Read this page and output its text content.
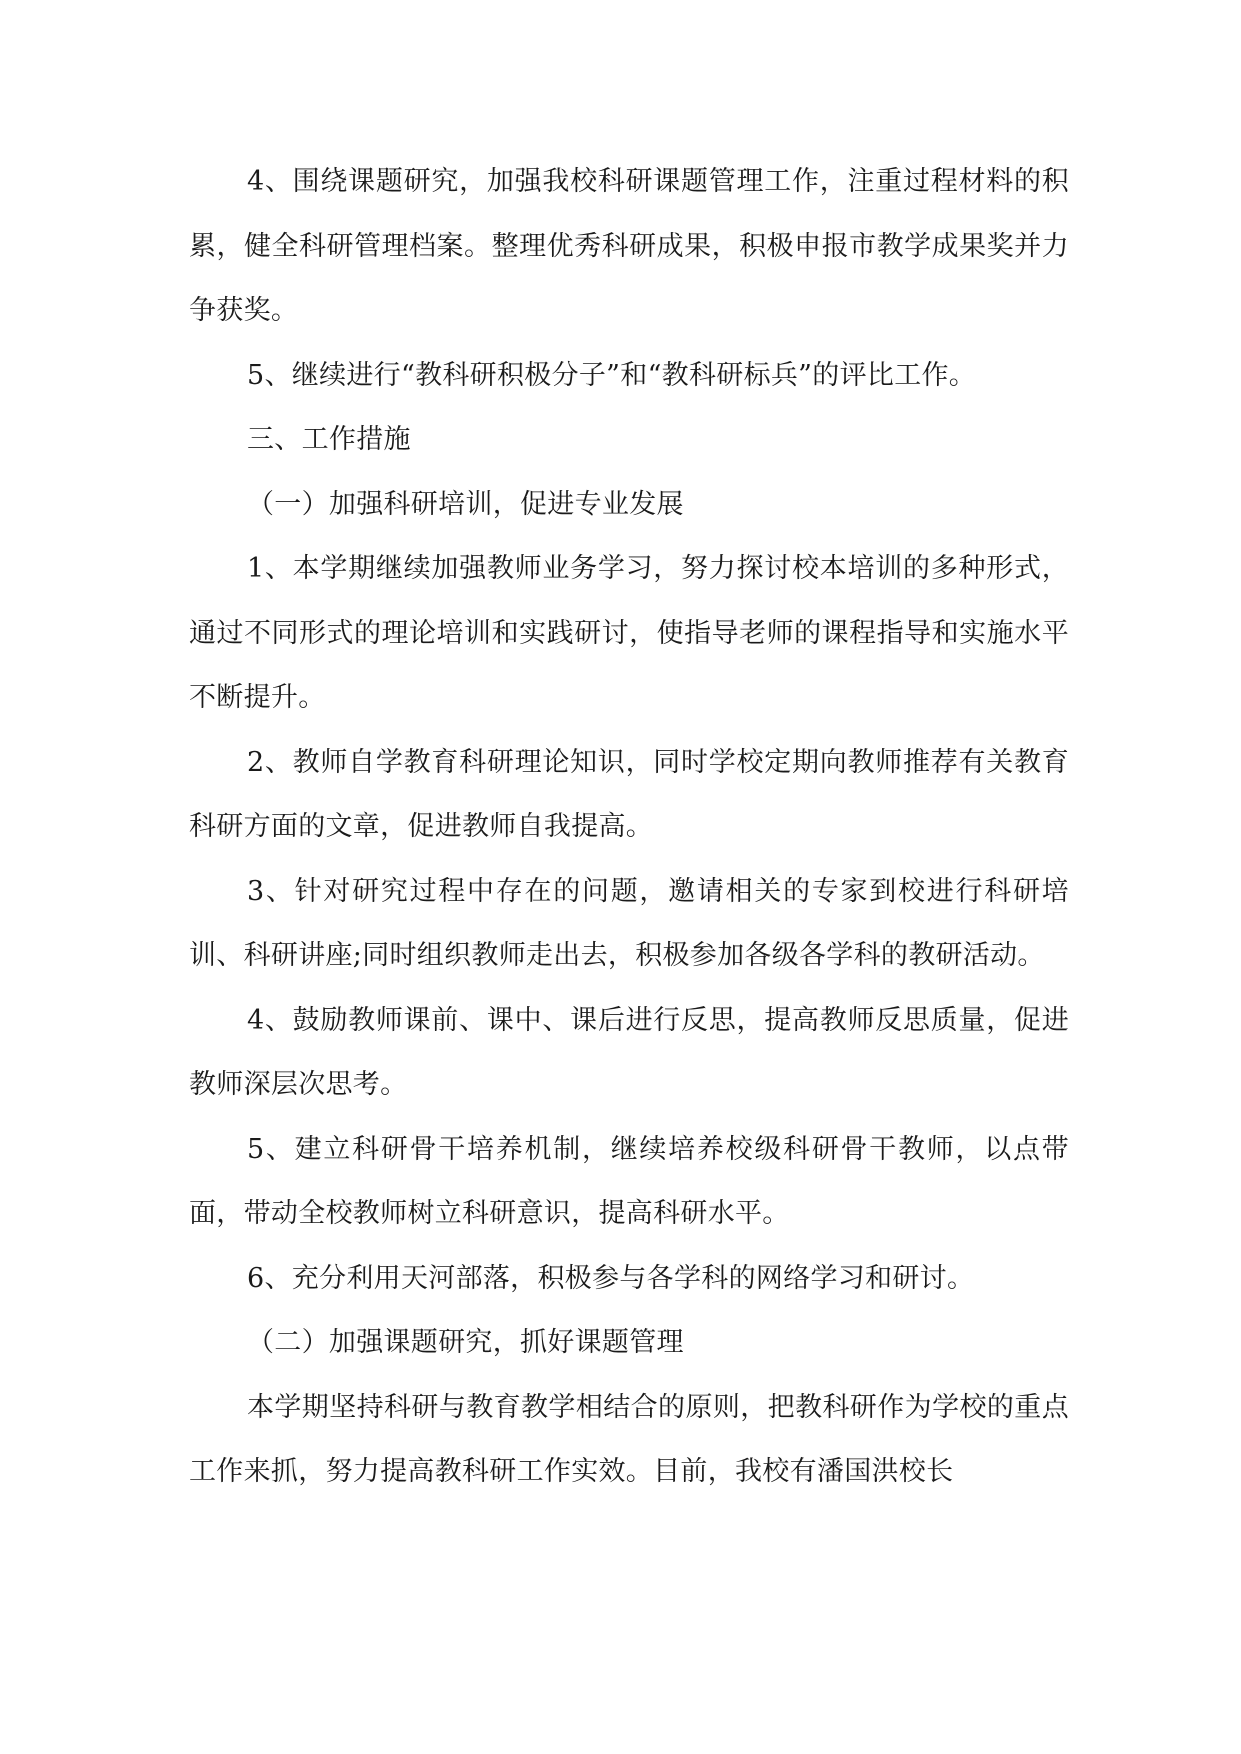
4、围绕课题研究，加强我校科研课题管理工作，注重过程材料的积累，健全科研管理档案。整理优秀科研成果，积极申报市教学成果奖并力争获奖。

5、继续进行“教科研积极分子”和“教科研标兵”的评比工作。

三、工作措施

（一）加强科研培训，促进专业发展

1、本学期继续加强教师业务学习，努力探讨校本培训的多种形式，通过不同形式的理论培训和实践研讨，使指导老师的课程指导和实施水平不断提升。

2、教师自学教育科研理论知识，同时学校定期向教师推荐有关教育科研方面的文章，促进教师自我提高。

3、针对研究过程中存在的问题，邀请相关的专家到校进行科研培训、科研讲座;同时组织教师走出去，积极参加各级各学科的教研活动。

4、鼓励教师课前、课中、课后进行反思，提高教师反思质量，促进教师深层次思考。

5、建立科研骨干培养机制，继续培养校级科研骨干教师，以点带面，带动全校教师树立科研意识，提高科研水平。

6、充分利用天河部落，积极参与各学科的网络学习和研讨。

（二）加强课题研究，抓好课题管理

本学期坚持科研与教育教学相结合的原则，把教科研作为学校的重点工作来抓，努力提高教科研工作实效。目前，我校有潘国洪校长
